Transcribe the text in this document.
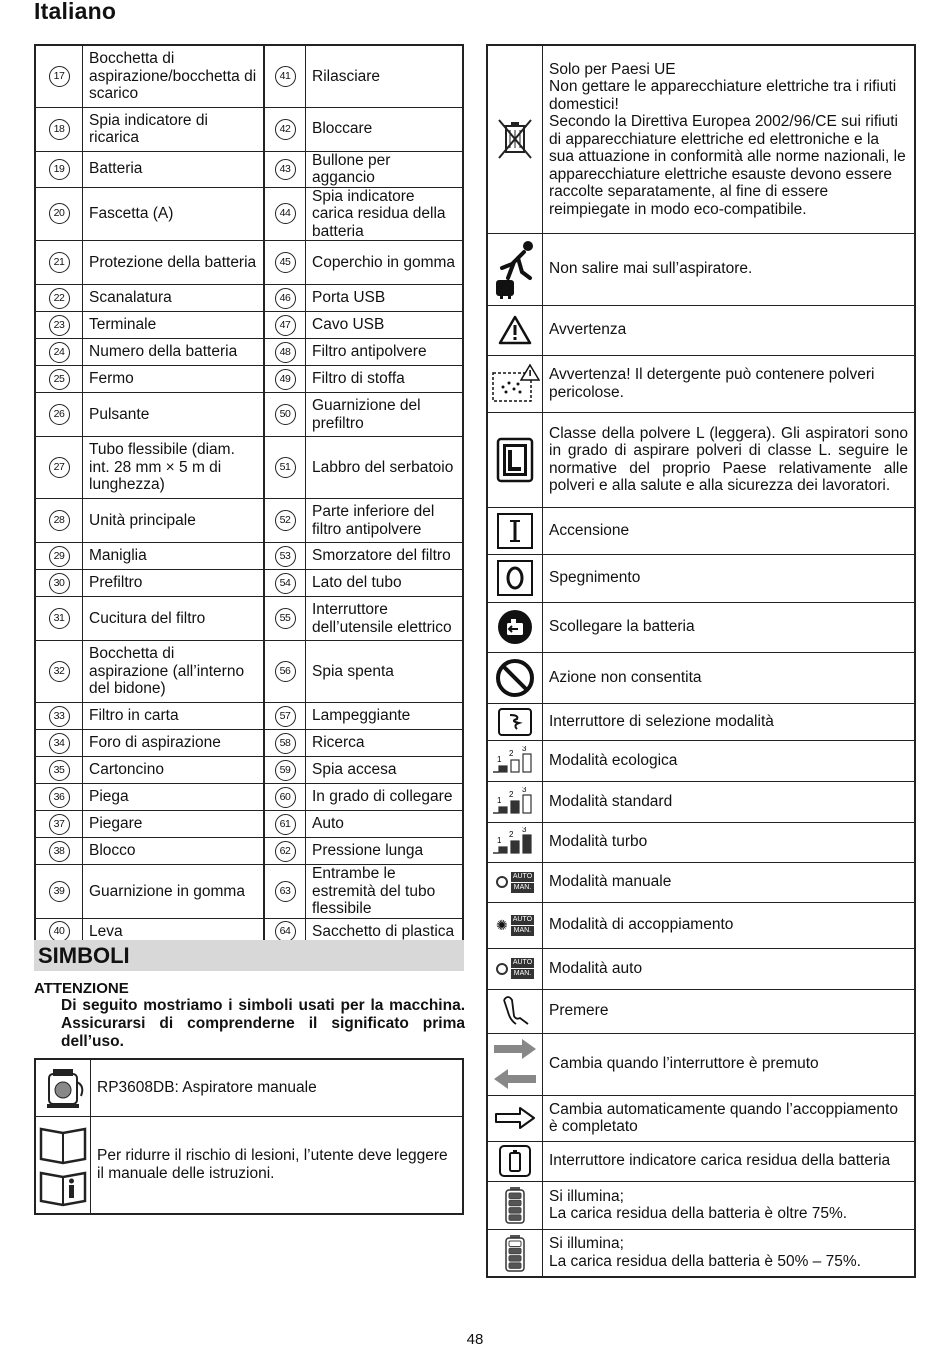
Italiano
17	Bocchetta di aspirazione/bocchetta di scarico	41	Rilasciare
18	Spia indicatore di ricarica	42	Bloccare
19	Batteria	43	Bullone per aggancio
20	Fascetta (A)	44	Spia indicatore carica residua della batteria
21	Protezione della batteria	45	Coperchio in gomma
22	Scanalatura	46	Porta USB
23	Terminale	47	Cavo USB
24	Numero della batteria	48	Filtro antipolvere
25	Fermo	49	Filtro di stoffa
26	Pulsante	50	Guarnizione del prefiltro
27	Tubo flessibile (diam. int. 28 mm × 5 m di lunghezza)	51	Labbro del serbatoio
28	Unità principale	52	Parte inferiore del filtro antipolvere
29	Maniglia	53	Smorzatore del filtro
30	Prefiltro	54	Lato del tubo
31	Cucitura del filtro	55	Interruttore dell’utensile elettrico
32	Bocchetta di aspirazione (all’interno del bidone)	56	Spia spenta
33	Filtro in carta	57	Lampeggiante
34	Foro di aspirazione	58	Ricerca
35	Cartoncino	59	Spia accesa
36	Piega	60	In grado di collegare
37	Piegare	61	Auto
38	Blocco	62	Pressione lunga
39	Guarnizione in gomma	63	Entrambe le estremità del tubo flessibile
40	Leva	64	Sacchetto di plastica
SIMBOLI
ATTENZIONE
Di seguito mostriamo i simboli usati per la macchina. Assicurarsi di comprenderne il significato prima dell’uso.
	RP3608DB: Aspiratore manuale

	Per ridurre il rischio di lesioni, l’utente deve leggere il manuale delle istruzioni.

Solo per Paesi UE
Non gettare le apparecchiature elettriche tra i rifiuti domestici!
Secondo la Direttiva Europea 2002/96/CE sui rifiuti di apparecchiature elettriche ed elettroniche e la sua attuazione in conformità alle norme nazionali, le apparecchiature elettriche esauste devono essere raccolte separatamente, al fine di essere reimpiegate in modo eco-compatibile.

Non salire mai sull’aspiratore.

Avvertenza

Avvertenza! Il detergente può contenere polveri pericolose.

Classe della polvere L (leggera). Gli aspiratori sono in grado di aspirare polveri di classe L. seguire le normative del proprio Paese relativamente alle polveri e alla salute e alla sicurezza dei lavoratori.

Accensione

Spegnimento

Scollegare la batteria

Azione non consentita

Interruttore di selezione modalità

1
2
3	Modalità ecologica

1
2
3	Modalità standard

1
2
3	Modalità turbo

AUTO
MAN.	Modalità manuale

✺ AUTO
MAN.	Modalità di accoppiamento

AUTO
MAN.	Modalità auto

Premere

Cambia quando l’interruttore è premuto

Cambia automaticamente quando l’accoppiamento è completato

Interruttore indicatore carica residua della batteria

Si illumina;
La carica residua della batteria è oltre 75%.

Si illumina;
La carica residua della batteria è 50% – 75%.
48
